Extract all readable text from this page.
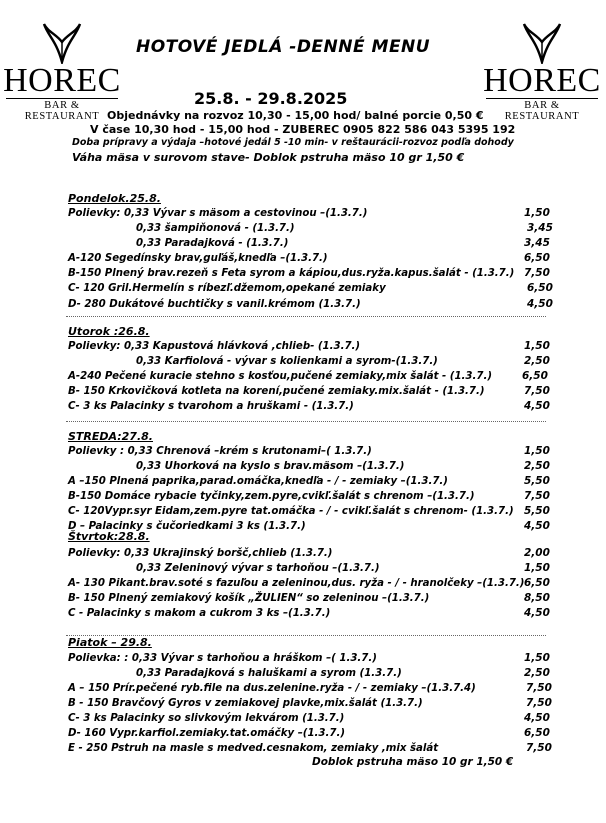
HOREC
BAR & RESTAURANT
HOREC
BAR & RESTAURANT
HOTOVÉ JEDLÁ -DENNÉ MENU
25.8. - 29.8.2025
Objednávky na rozvoz 10,30 - 15,00 hod/ balné porcie 0,50 €
V čase 10,30 hod - 15,00 hod - ZUBEREC 0905 822 586 043 5395 192
Doba prípravy a výdaja –hotové jedál 5 -10 min- v reštaurácii-rozvoz podľa dohody
Váha mäsa v surovom stave- Doblok pstruha mäso 10 gr 1,50 €
Pondelok.25.8.
Polievky: 0,33 Vývar s mäsom a cestovinou –(1.3.7.)	1,50
0,33 šampiňonová - (1.3.7.)	3,45
0,33 Paradajková - (1.3.7.)	3,45
A-120 Segedínsky brav,guľáš,knedľa –(1.3.7.)	6,50
B-150 Plnený brav.rezeň s Feta syrom a kápiou,dus.ryža.kapus.šalát - (1.3.7.) 7,50
C- 120 Gril.Hermelín s ríbezľ.džemom,opekané zemiaky	6,50
D- 280 Dukátové buchtičky s vanil.krémom (1.3.7.)	4,50
Utorok :26.8.
Polievky: 0,33 Kapustová hlávková ,chlieb- (1.3.7.)	1,50
0,33 Karfiolová - vývar s kolienkami a syrom-(1.3.7.)	2,50
A-240 Pečené kuracie stehno s kosťou,pučené zemiaky,mix šalát - (1.3.7.)	6,50
B- 150 Krkovičková kotleta na korení,pučené zemiaky.mix.šalát - (1.3.7.)	7,50
C- 3 ks Palacinky s tvarohom a hruškami - (1.3.7.)	4,50
STREDA:27.8.
Polievky : 0,33 Chrenová –krém s krutonami–( 1.3.7.)	1,50
0,33 Uhorková na kyslo s brav.mäsom –(1.3.7.)	2,50
A –150 Plnená paprika,parad.omáčka,knedľa - / - zemiaky –(1.3.7.)	5,50
B-150 Domáce rybacie tyčinky,zem.pyre,cvikľ.šalát s chrenom –(1.3.7.)	7,50
C- 120Vypr.syr Eidam,zem.pyre tat.omáčka - / - cvikľ.šalát s chrenom- (1.3.7.) 5,50
D – Palacinky s čučoriedkami 3 ks (1.3.7.)	4,50
Štvrtok:28.8.
Polievky: 0,33 Ukrajinský boršč,chlieb (1.3.7.)	2,00
0,33 Zeleninový vývar s tarhoňou –(1.3.7.)	1,50
A- 130 Pikant.brav.soté s fazuľou a zeleninou,dus. ryža - / - hranolčeky –(1.3.7.) 6,50
B- 150 Plnený zemiakový košík „ŽULIEN“ so zeleninou –(1.3.7.)	8,50
C - Palacinky s makom a cukrom 3 ks –(1.3.7.)	4,50
Piatok – 29.8.
Polievka: : 0,33 Vývar s tarhoňou a hráškom –( 1.3.7.)	1,50
0,33 Paradajková s haluškami a syrom (1.3.7.)	2,50
A – 150 Prír.pečené ryb.file na dus.zelenine.ryža - / - zemiaky –(1.3.7.4)	7,50
B - 150 Bravčový Gyros v zemiakovej plavke,mix.šalát (1.3.7.)	7,50
C- 3 ks Palacinky so slivkovým lekvárom (1.3.7.)	4,50
D- 160 Vypr.karfiol.zemiaky.tat.omáčky –(1.3.7.)	6,50
E - 250 Pstruh na masle s medved.cesnakom, zemiaky ,mix šalát	7,50
Doblok pstruha mäso 10 gr 1,50 €
